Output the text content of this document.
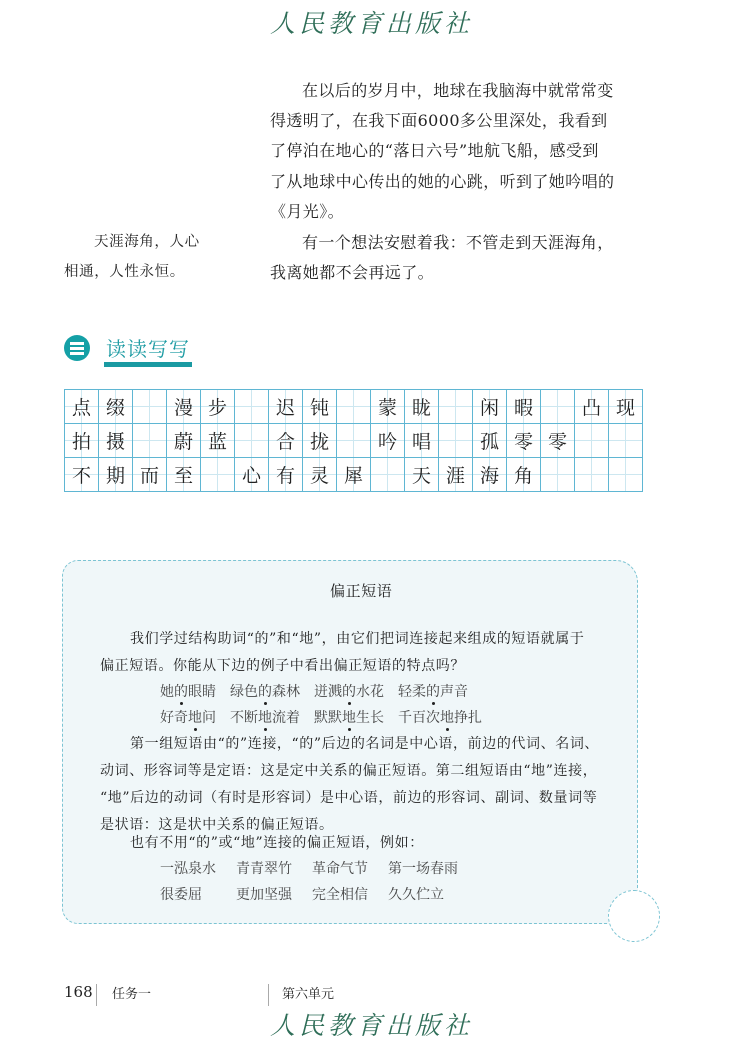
人民教育出版社
在以后的岁月中，地球在我脑海中就常常变
得透明了，在我下面6000多公里深处，我看到
了停泊在地心的“落日六号”地航飞船，感受到
了从地球中心传出的她的心跳，听到了她吟唱的
《月光》。
有一个想法安慰着我：不管走到天涯海角，
我离她都不会再远了。
天涯海角，人心
相通，人性永恒。
读读写写
点 缀	漫 步	迟 钝	蒙 眬	闲 暇	凸 现
拍 摄	蔚 蓝	合 拢	吟 唱	孤 零 零
不 期 而 至	心 有 灵 犀	天 涯 海 角
偏正短语
我们学过结构助词“的”和“地”，由它们把词连接起来组成的短语就属于
偏正短语。你能从下边的例子中看出偏正短语的特点吗？
她的眼睛 绿色的森林 迸溅的水花 轻柔的声音
好奇地问 不断地流着 默默地生长 千百次地挣扎
第一组短语由“的”连接，“的”后边的名词是中心语，前边的代词、名词、
动词、形容词等是定语：这是定中关系的偏正短语。第二组短语由“地”连接，
“地”后边的动词（有时是形容词）是中心语，前边的形容词、副词、数量词等
是状语：这是状中关系的偏正短语。
也有不用“的”或“地”连接的偏正短语，例如：
一泓泉水 青青翠竹 革命气节 第一场春雨
很委屈 更加坚强 完全相信 久久伫立
168 任务一	第六单元
人民教育出版社
